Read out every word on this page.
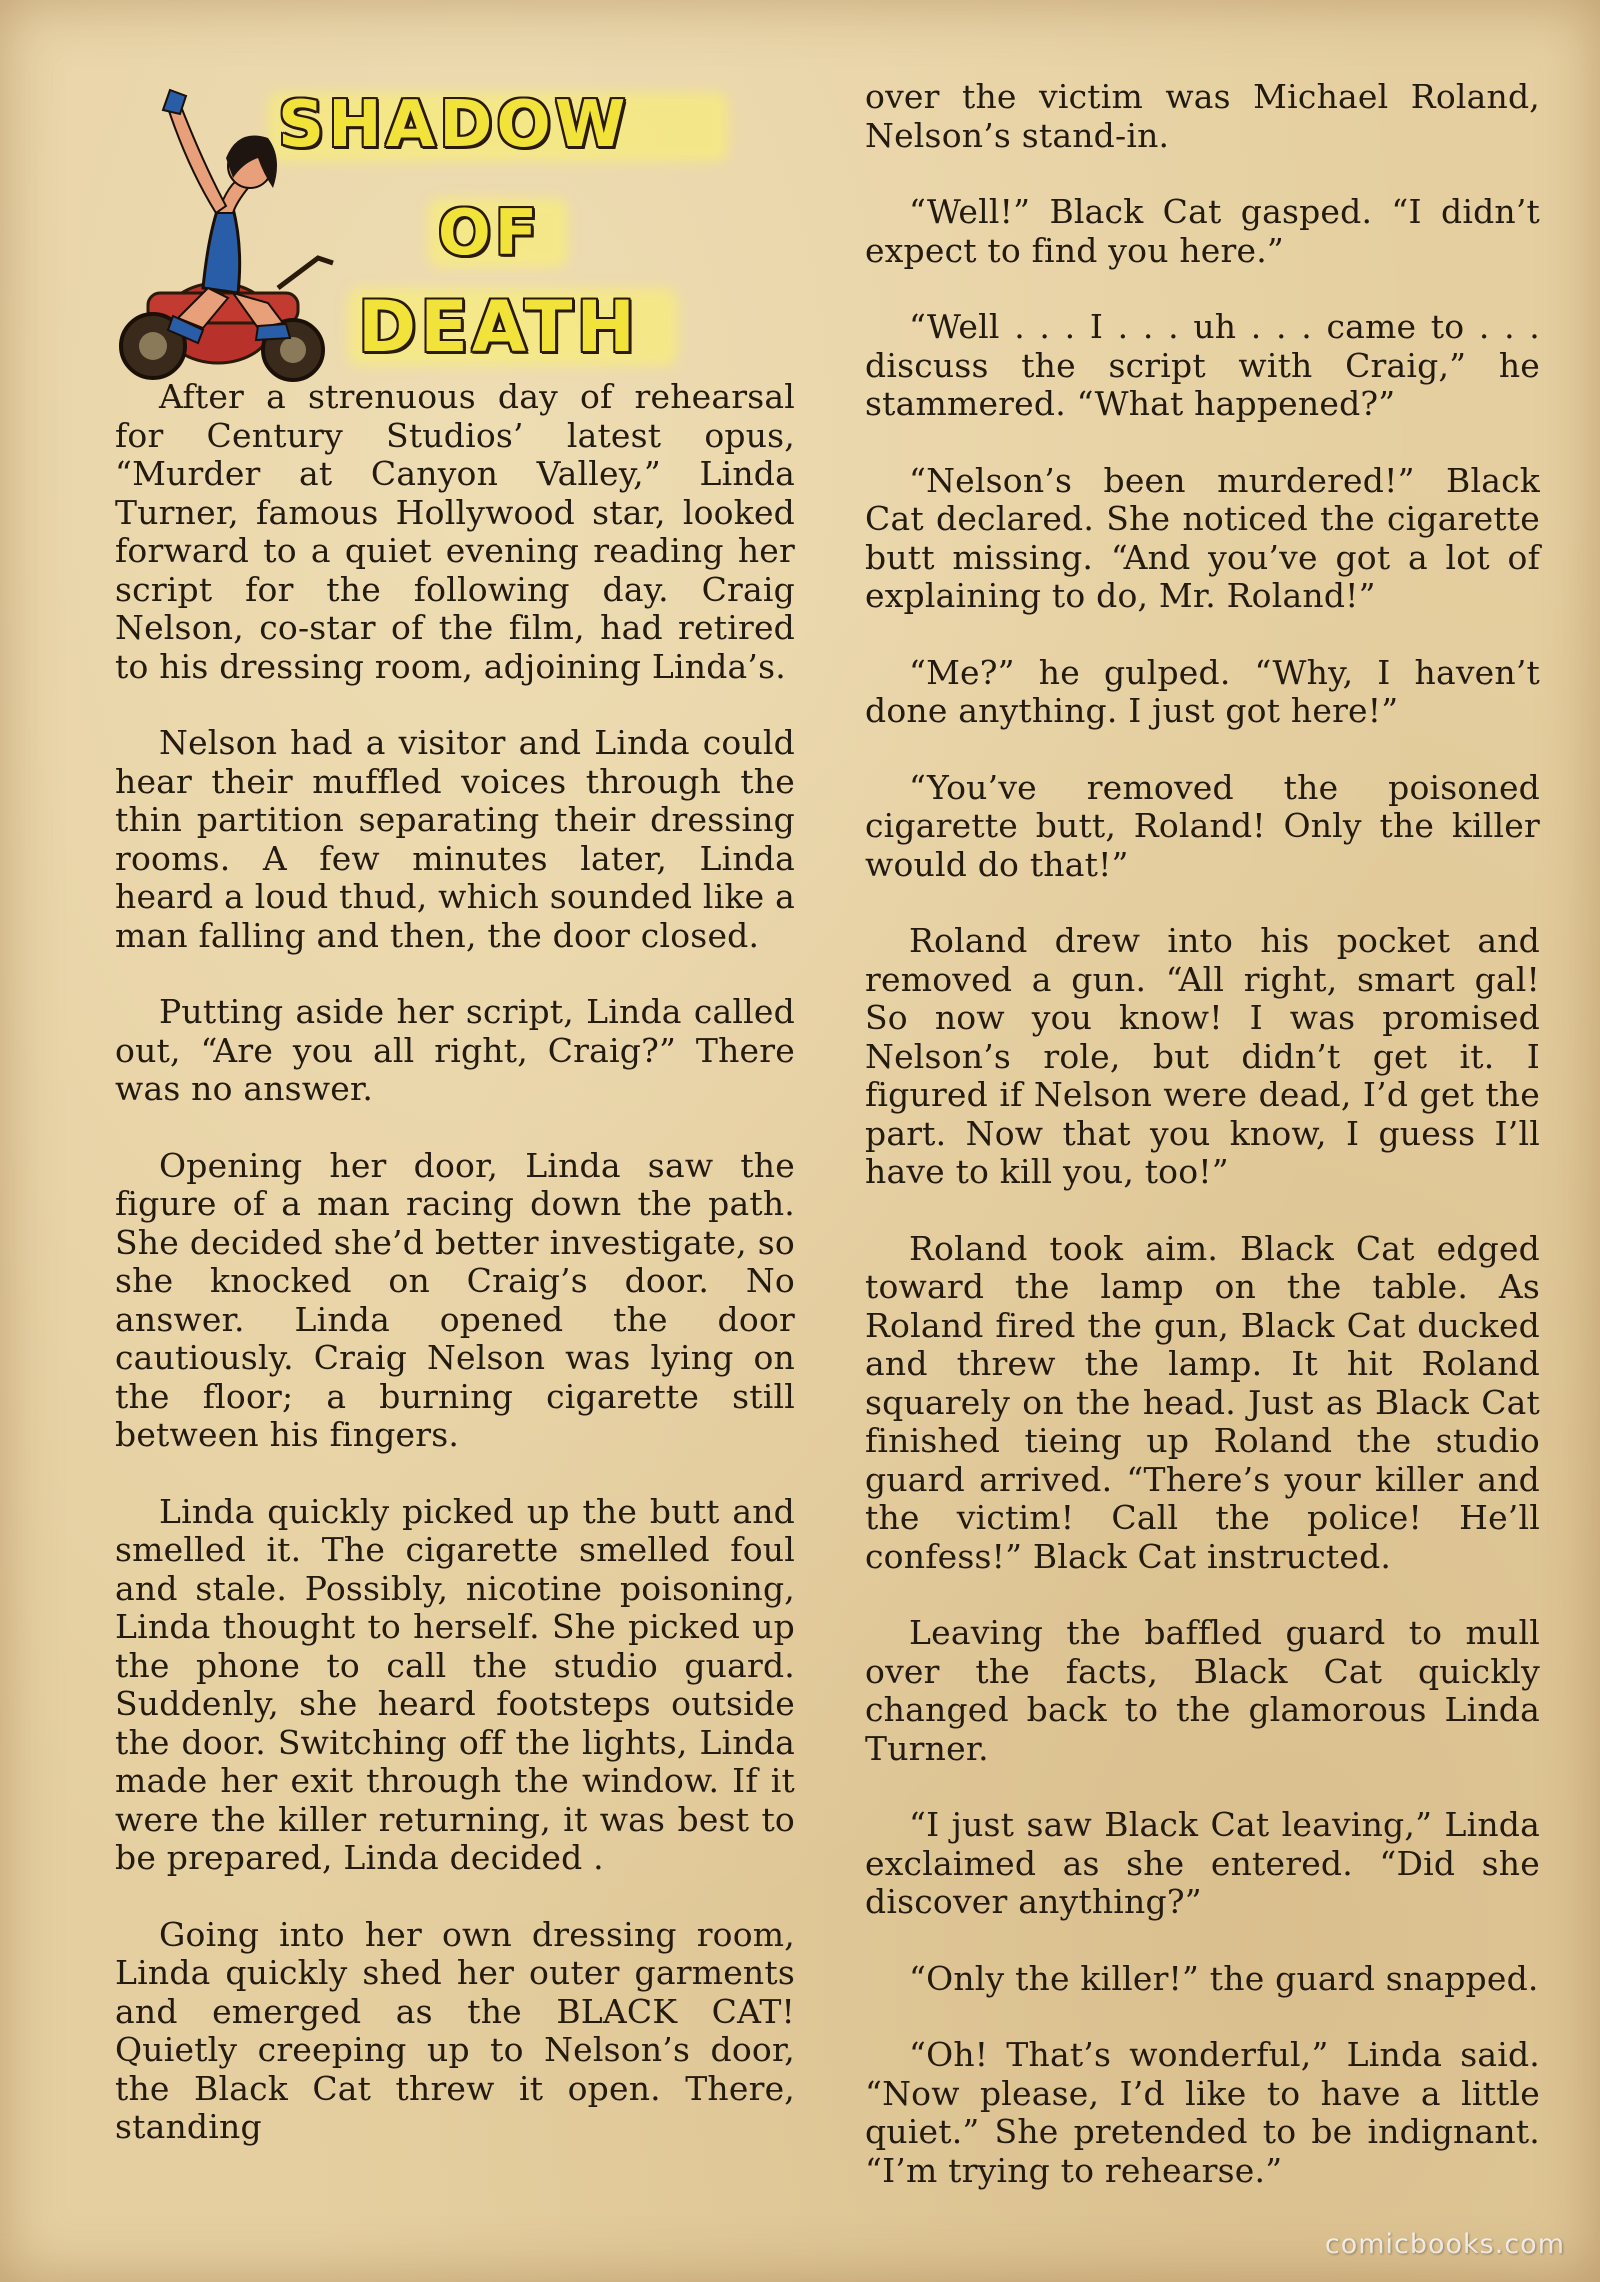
SHADOW
OF
DEATH

After a strenuous day of rehearsal for Century Studios’ latest opus, “Murder at Canyon Valley,” Linda Turner, famous Hollywood star, looked forward to a quiet evening reading her script for the following day. Craig Nelson, co-star of the film, had retired to his dressing room, adjoining Linda’s.

Nelson had a visitor and Linda could hear their muffled voices through the thin partition separating their dressing rooms. A few minutes later, Linda heard a loud thud, which sounded like a man falling and then, the door closed.

Putting aside her script, Linda called out, “Are you all right, Craig?” There was no answer.

Opening her door, Linda saw the figure of a man racing down the path. She decided she’d better investigate, so she knocked on Craig’s door. No answer. Linda opened the door cautiously. Craig Nelson was lying on the floor; a burning cigarette still between his fingers.

Linda quickly picked up the butt and smelled it. The cigarette smelled foul and stale. Possibly, nicotine poisoning, Linda thought to herself. She picked up the phone to call the studio guard. Suddenly, she heard footsteps outside the door. Switching off the lights, Linda made her exit through the window. If it were the killer returning, it was best to be prepared, Linda decided .

Going into her own dressing room, Linda quickly shed her outer garments and emerged as the BLACK CAT! Quietly creeping up to Nelson’s door, the Black Cat threw it open. There, standing

over the victim was Michael Roland, Nelson’s stand-in.

“Well!” Black Cat gasped. “I didn’t expect to find you here.”

“Well . . . I . . . uh . . . came to . . . discuss the script with Craig,” he stammered. “What happened?”

“Nelson’s been murdered!” Black Cat declared. She noticed the cigarette butt missing. “And you’ve got a lot of explaining to do, Mr. Roland!”

“Me?” he gulped. “Why, I haven’t done anything. I just got here!”

“You’ve removed the poisoned cigarette butt, Roland! Only the killer would do that!”

Roland drew into his pocket and removed a gun. “All right, smart gal! So now you know! I was promised Nelson’s role, but didn’t get it. I figured if Nelson were dead, I’d get the part. Now that you know, I guess I’ll have to kill you, too!”

Roland took aim. Black Cat edged toward the lamp on the table. As Roland fired the gun, Black Cat ducked and threw the lamp. It hit Roland squarely on the head. Just as Black Cat finished tieing up Roland the studio guard arrived. “There’s your killer and the victim! Call the police! He’ll confess!” Black Cat instructed.

Leaving the baffled guard to mull over the facts, Black Cat quickly changed back to the glamorous Linda Turner.

“I just saw Black Cat leaving,” Linda exclaimed as she entered. “Did she discover anything?”

“Only the killer!” the guard snapped.

“Oh! That’s wonderful,” Linda said. “Now please, I’d like to have a little quiet.” She pretended to be indignant. “I’m trying to rehearse.”

comicbooks.com
